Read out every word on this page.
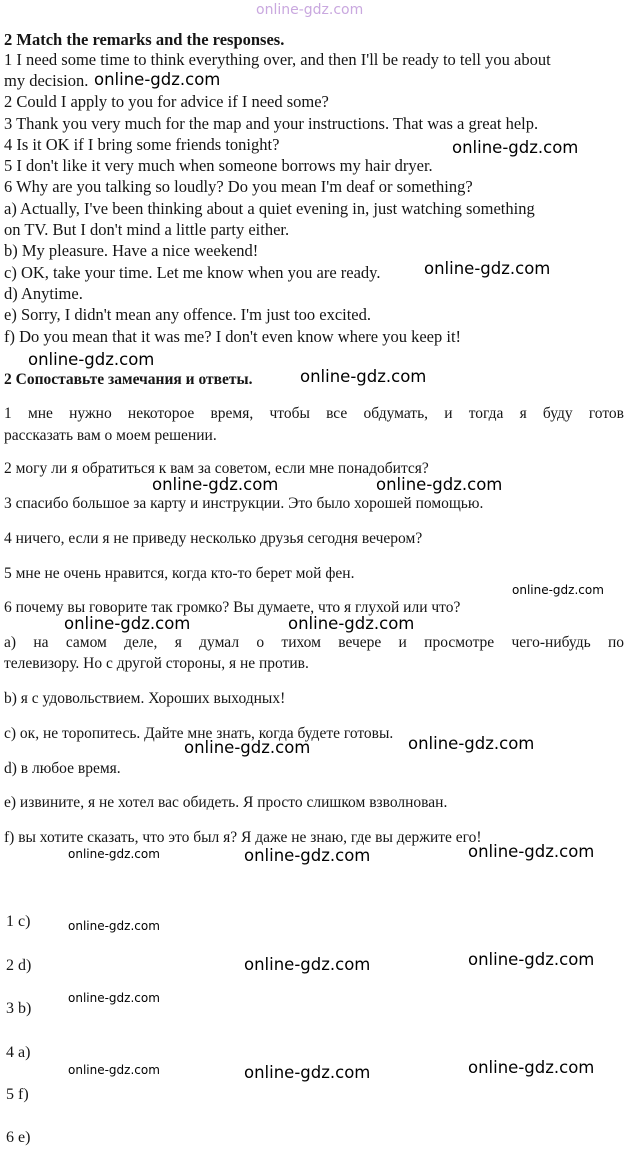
online-gdz.com
2 Match the remarks and the responses.
1 I need some time to think everything over, and then I'll be ready to tell you about
my decision.
2 Could I apply to you for advice if I need some?
3 Thank you very much for the map and your instructions. That was a great help.
4 Is it OK if I bring some friends tonight?
5 I don't like it very much when someone borrows my hair dryer.
6 Why are you talking so loudly? Do you mean I'm deaf or something?
a) Actually, I've been thinking about a quiet evening in, just watching something
on TV. But I don't mind a little party either.
b) My pleasure. Have a nice weekend!
c) OK, take your time. Let me know when you are ready.
d) Anytime.
e) Sorry, I didn't mean any offence. I'm just too excited.
f) Do you mean that it was me? I don't even know where you keep it!
2 Сопоставьте замечания и ответы.
1 мне нужно некоторое время, чтобы все обдумать, и тогда я буду готов
рассказать вам о моем решении.
2 могу ли я обратиться к вам за советом, если мне понадобится?
3 спасибо большое за карту и инструкции. Это было хорошей помощью.
4 ничего, если я не приведу несколько друзья сегодня вечером?
5 мне не очень нравится, когда кто-то берет мой фен.
6 почему вы говорите так громко? Вы думаете, что я глухой или что?
a) на самом деле, я думал о тихом вечере и просмотре чего-нибудь по
телевизору. Но с другой стороны, я не против.
b) я с удовольствием. Хороших выходных!
c) ок, не торопитесь. Дайте мне знать, когда будете готовы.
d) в любое время.
e) извините, я не хотел вас обидеть. Я просто слишком взволнован.
f) вы хотите сказать, что это был я? Я даже не знаю, где вы держите его!
1 c)
2 d)
3 b)
4 a)
5 f)
6 e)
online-gdz.com
online-gdz.com
online-gdz.com
online-gdz.com
online-gdz.com
online-gdz.com	online-gdz.com
online-gdz.com
online-gdz.com	online-gdz.com
online-gdz.com	online-gdz.com
online-gdz.com	online-gdz.com	online-gdz.com
online-gdz.com
online-gdz.com	online-gdz.com
online-gdz.com
online-gdz.com	online-gdz.com	online-gdz.com
